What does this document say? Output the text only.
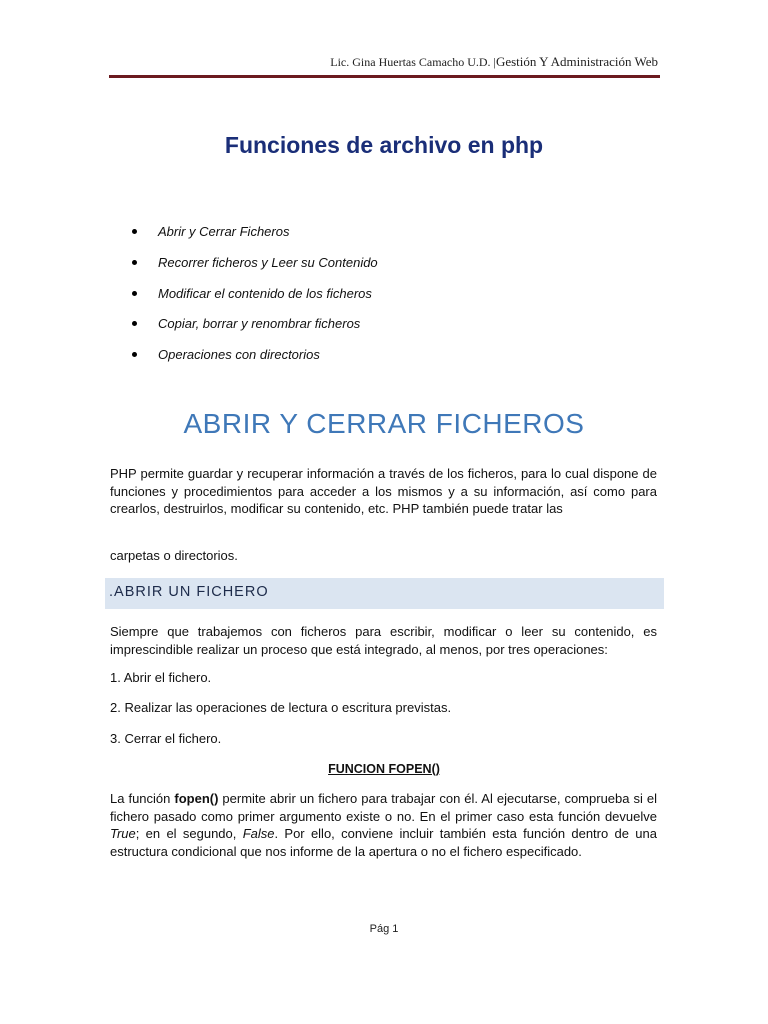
Lic. Gina Huertas Camacho U.D. |Gestión Y Administración Web
Funciones de archivo en php
Abrir y Cerrar Ficheros
Recorrer ficheros y Leer su Contenido
Modificar el contenido de los ficheros
Copiar, borrar y renombrar ficheros
Operaciones con directorios
ABRIR Y CERRAR FICHEROS
PHP permite guardar y recuperar información a través de los ficheros, para lo cual dispone de funciones y procedimientos para acceder a los mismos y a su información, así como para crearlos, destruirlos, modificar su contenido, etc. PHP también puede tratar las
carpetas o directorios.
.ABRIR UN FICHERO
Siempre que trabajemos con ficheros para escribir, modificar o leer su contenido, es imprescindible realizar un proceso que está integrado, al menos, por tres operaciones:
1. Abrir el fichero.
2. Realizar las operaciones de lectura o escritura previstas.
3. Cerrar el fichero.
FUNCION FOPEN()
La función fopen() permite abrir un fichero para trabajar con él. Al ejecutarse, comprueba si el fichero pasado como primer argumento existe o no. En el primer caso esta función devuelve True; en el segundo, False. Por ello, conviene incluir también esta función dentro de una estructura condicional que nos informe de la apertura o no el fichero especificado.
Pág 1
